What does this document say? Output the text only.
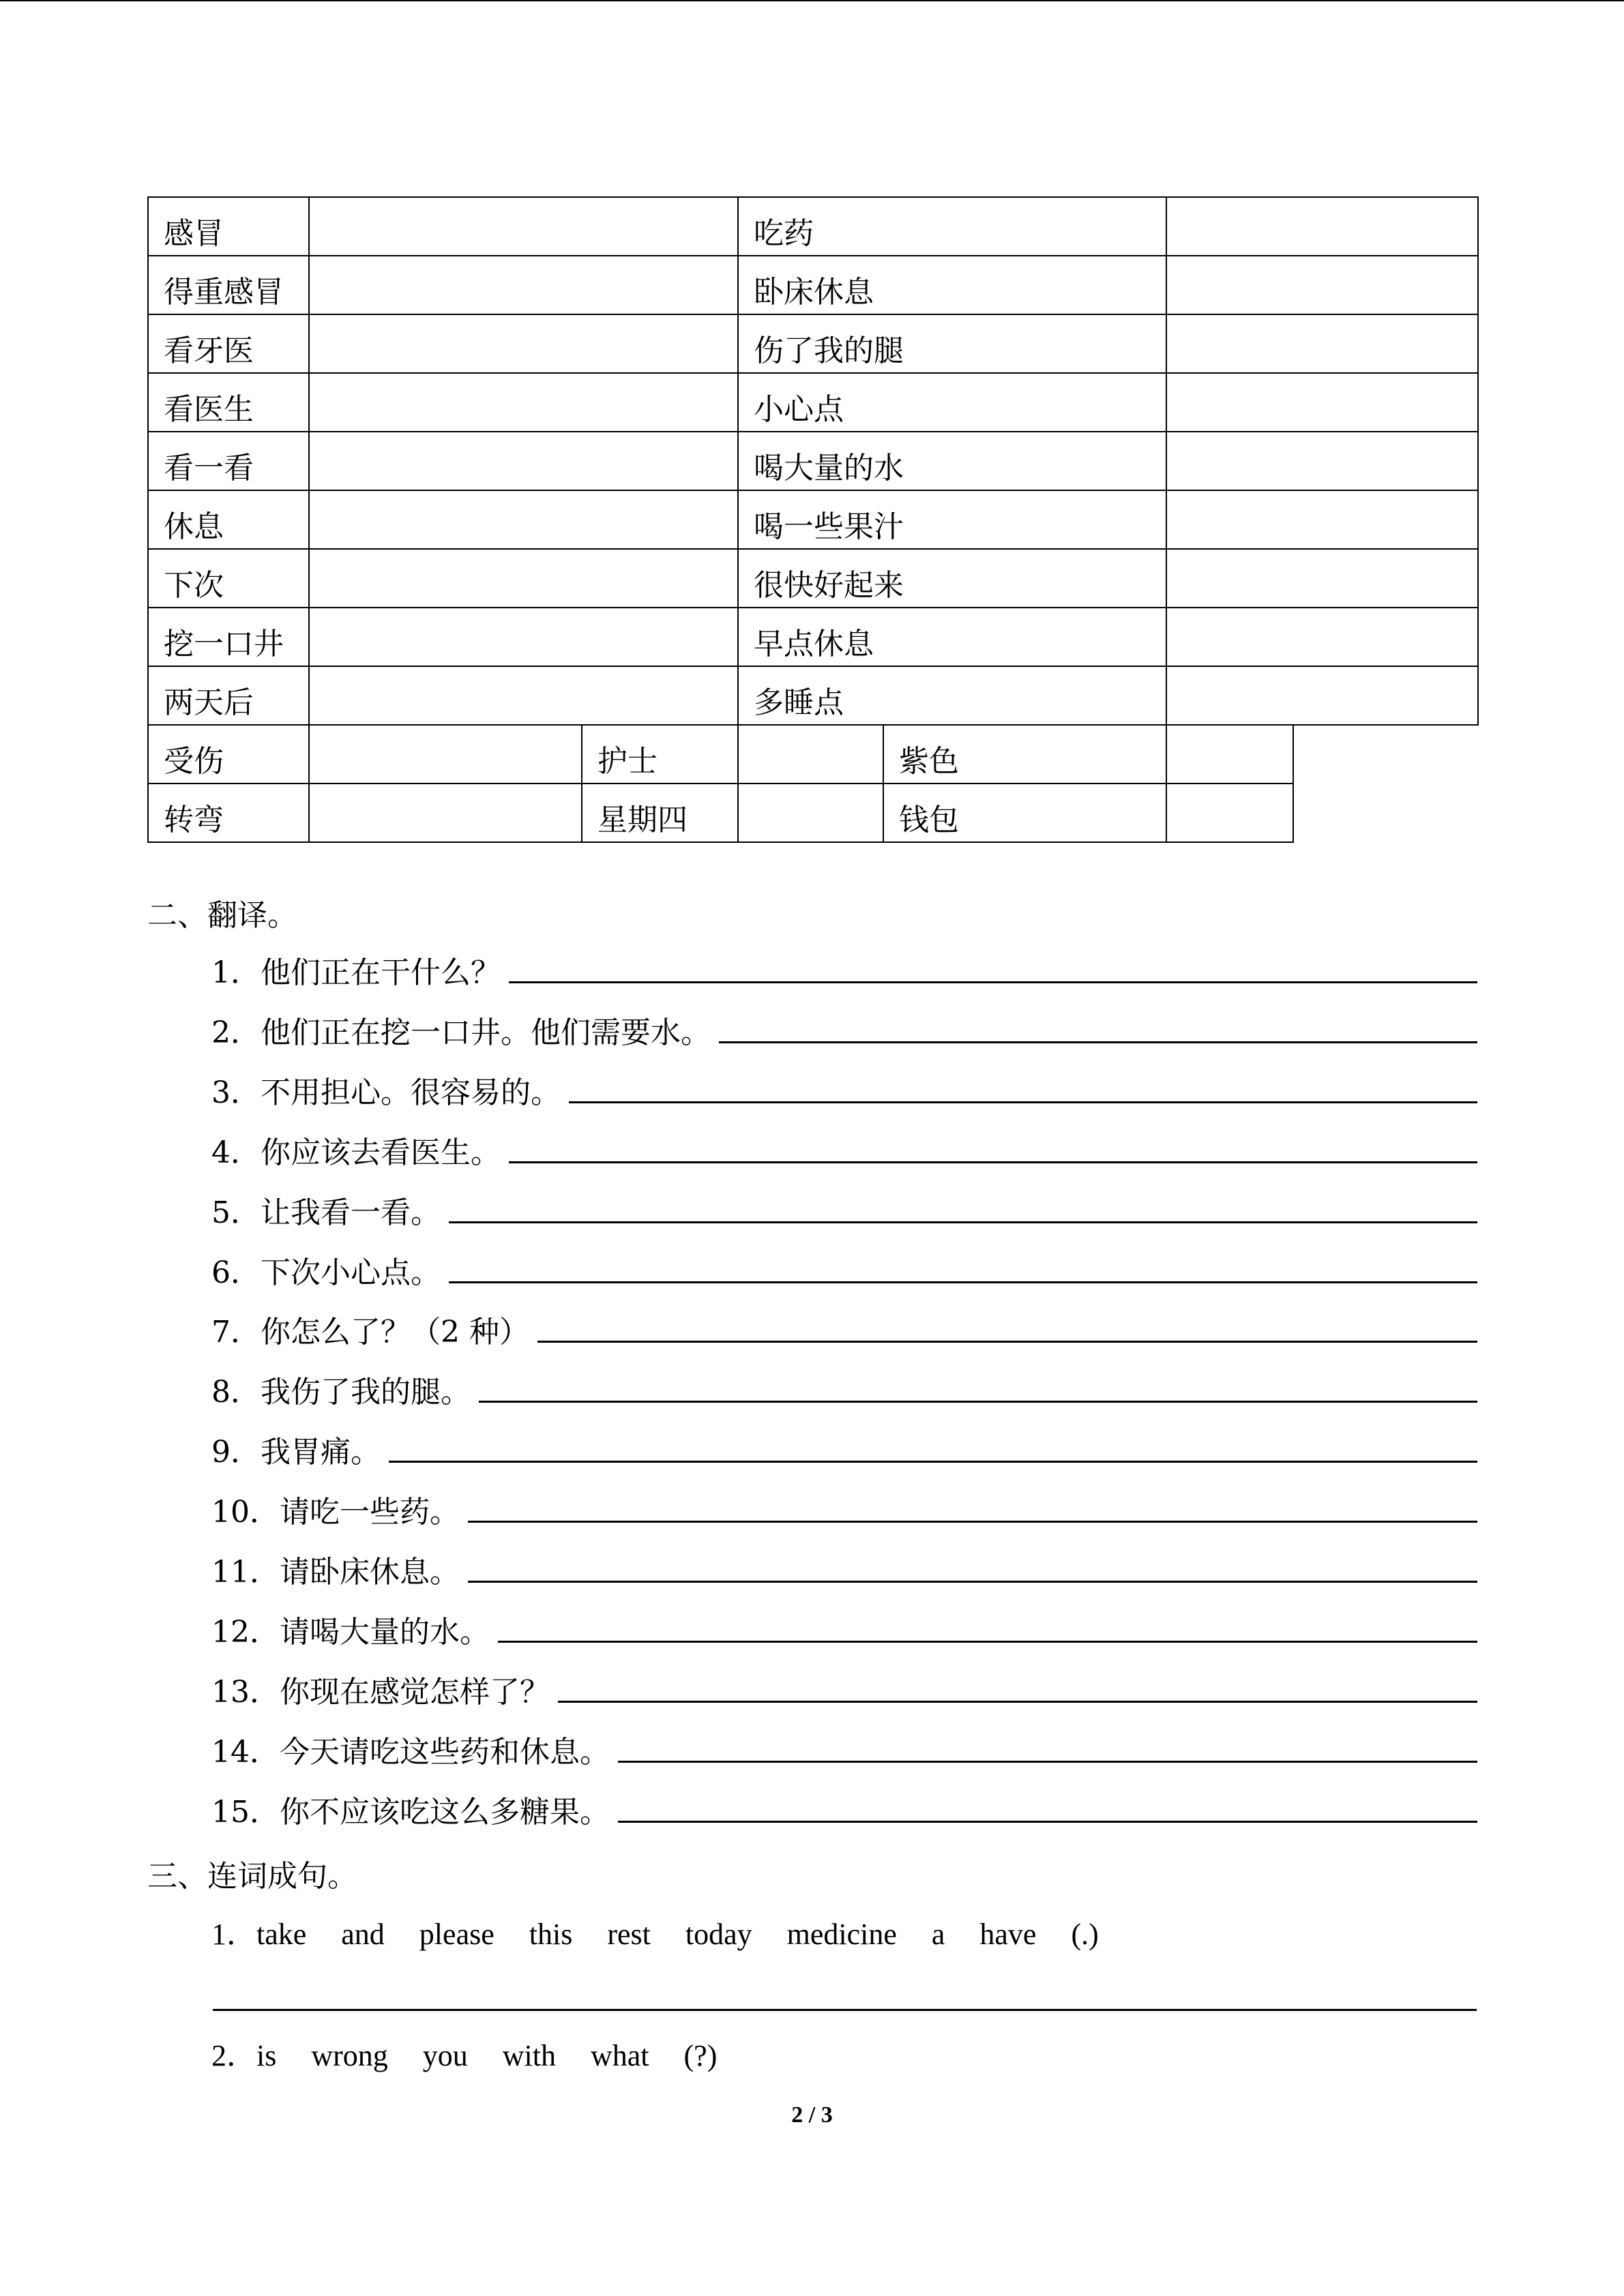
感冒			吃药		
得重感冒			卧床休息		
看牙医			伤了我的腿		
看医生			小心点		
看一看			喝大量的水		
休息			喝一些果汁		
下次			很快好起来		
挖一口井			早点休息		
两天后			多睡点		
受伤		护士		紫色	
转弯		星期四		钱包	
二、翻译。
1．他们正在干什么？
2．他们正在挖一口井。他们需要水。
3．不用担心。很容易的。
4．你应该去看医生。
5．让我看一看。
6．下次小心点。
7．你怎么了？（2 种）
8．我伤了我的腿。
9．我胃痛。
10．请吃一些药。
11．请卧床休息。
12．请喝大量的水。
13．你现在感觉怎样了？
14．今天请吃这些药和休息。
15．你不应该吃这么多糖果。
三、连词成句。
1．take and please this rest today medicine a have (.)
2．is wrong you with what (?)
2 / 3
